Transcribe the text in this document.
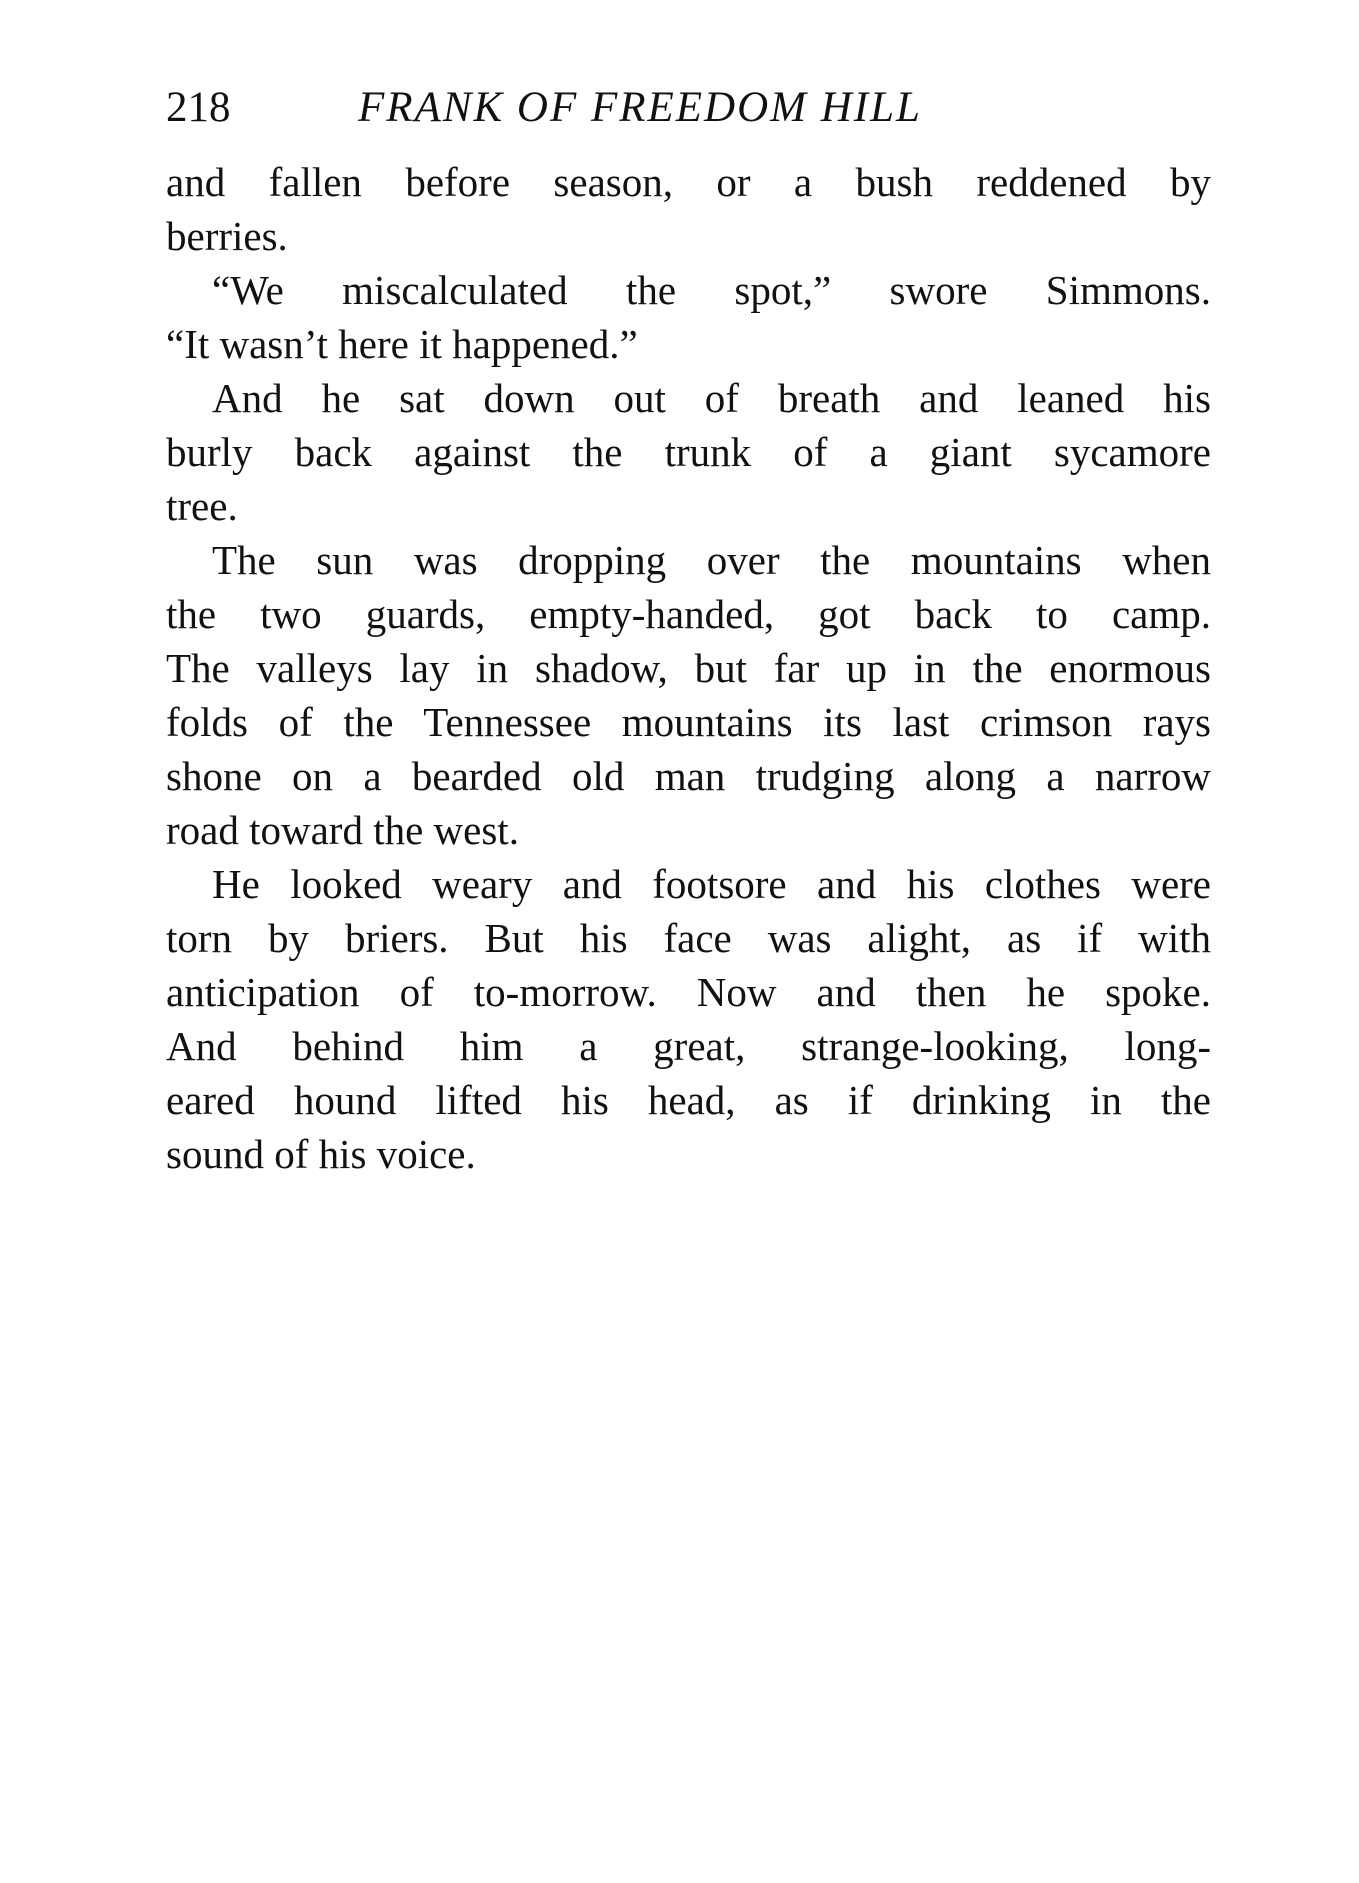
218	FRANK OF FREEDOM HILL
and fallen before season, or a bush reddened by
berries.
“We miscalculated the spot,” swore Simmons.
“It wasn’t here it happened.”
And he sat down out of breath and leaned his
burly back against the trunk of a giant sycamore
tree.
The sun was dropping over the mountains when
the two guards, empty-handed, got back to camp.
The valleys lay in shadow, but far up in the enormous
folds of the Tennessee mountains its last crimson rays
shone on a bearded old man trudging along a narrow
road toward the west.
He looked weary and footsore and his clothes were
torn by briers. But his face was alight, as if with
anticipation of to-morrow. Now and then he spoke.
And behind him a great, strange-looking, long-
eared hound lifted his head, as if drinking in the
sound of his voice.
